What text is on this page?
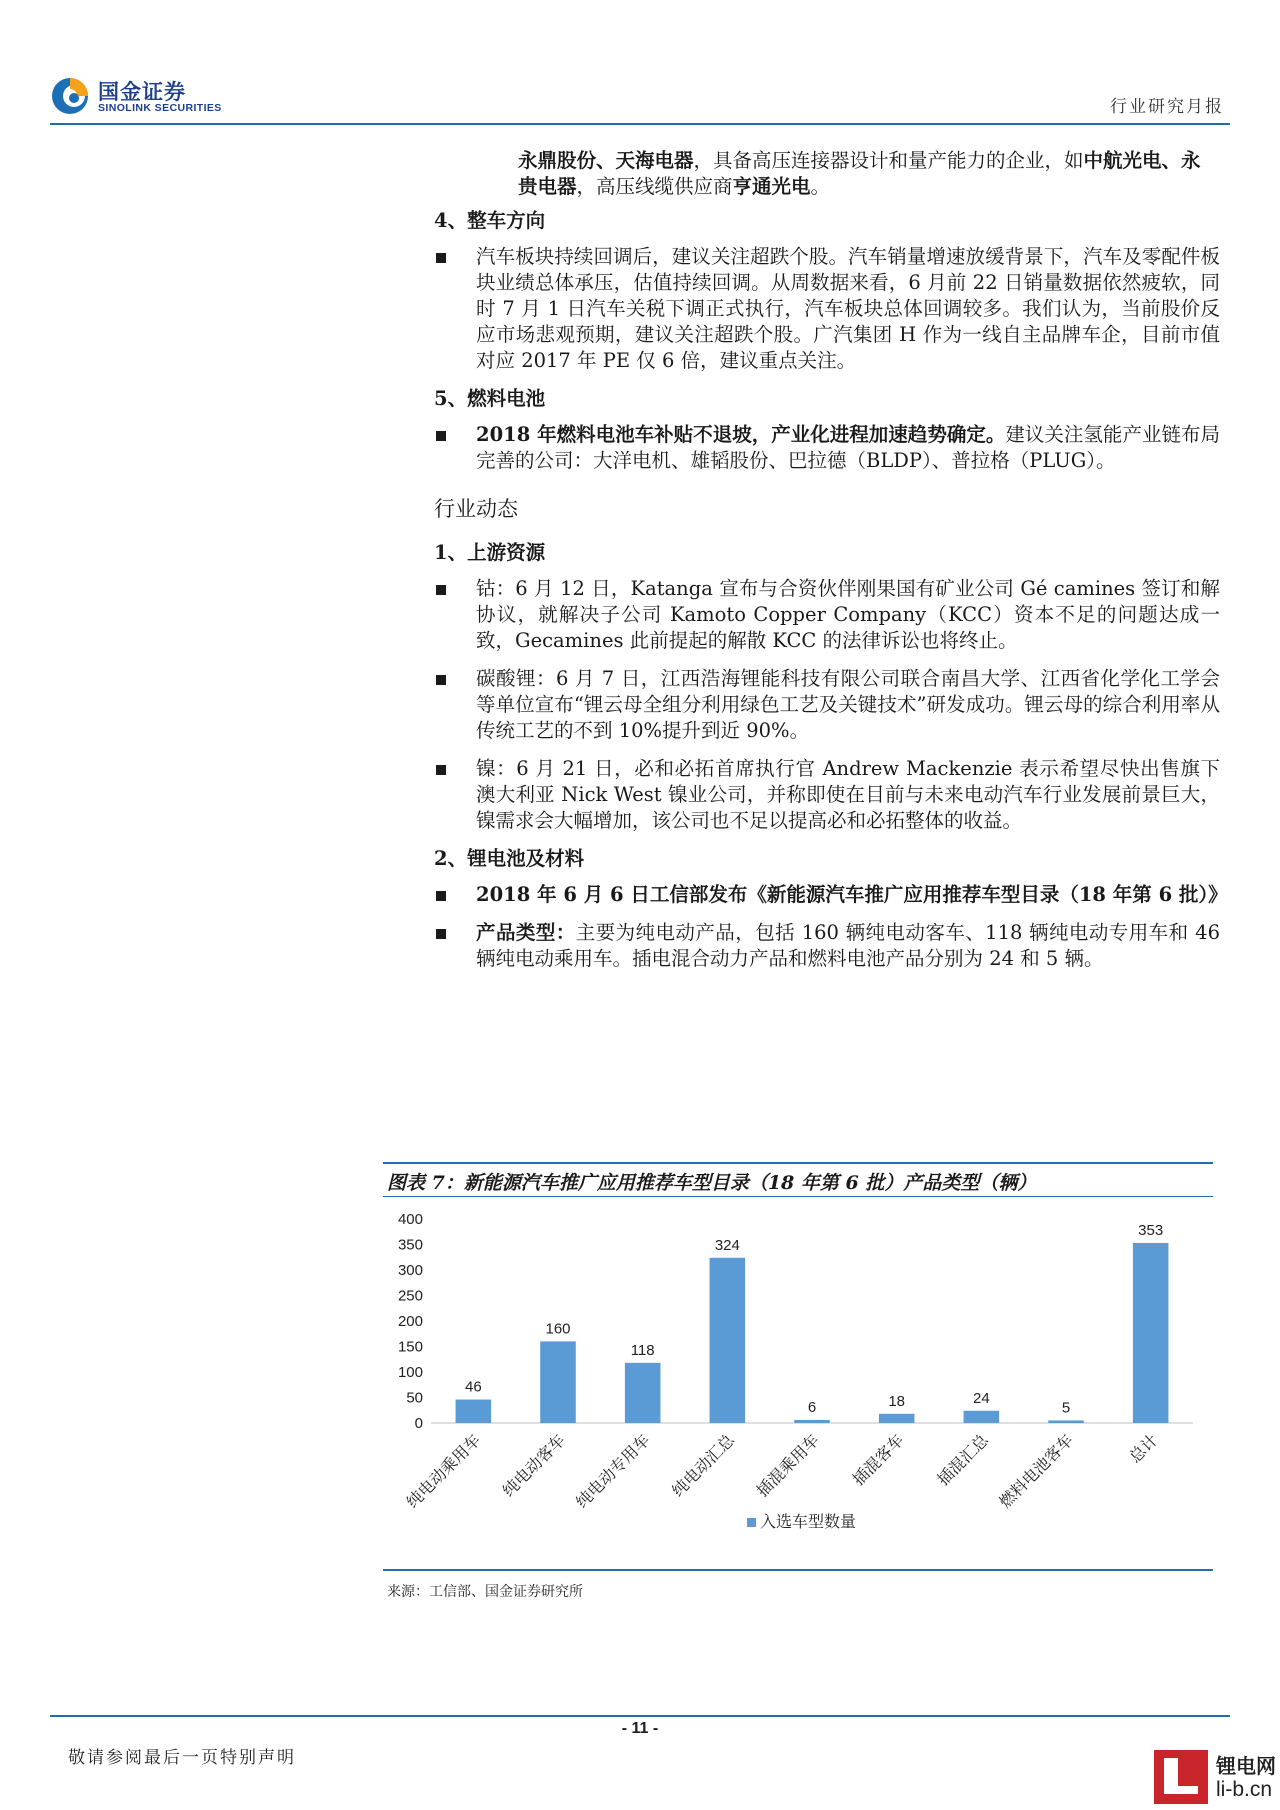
国金证券
SINOLINK SECURITIES	行业研究月报
永鼎股份、天海电器，具备高压连接器设计和量产能力的企业，如中航光电、永贵电器，高压线缆供应商亨通光电。
4、整车方向
汽车板块持续回调后，建议关注超跌个股。汽车销量增速放缓背景下，汽车及零配件板块业绩总体承压，估值持续回调。从周数据来看，6 月前 22 日销量数据依然疲软，同时 7 月 1 日汽车关税下调正式执行，汽车板块总体回调较多。我们认为，当前股价反应市场悲观预期，建议关注超跌个股。广汽集团 H 作为一线自主品牌车企，目前市值对应 2017 年 PE 仅 6 倍，建议重点关注。
5、燃料电池
2018 年燃料电池车补贴不退坡，产业化进程加速趋势确定。建议关注氢能产业链布局完善的公司：大洋电机、雄韬股份、巴拉德（BLDP）、普拉格（PLUG）。
行业动态
1、上游资源
钴：6 月 12 日，Katanga 宣布与合资伙伴刚果国有矿业公司 Gé camines 签订和解协议，就解决子公司 Kamoto Copper Company（KCC）资本不足的问题达成一致，Gecamines 此前提起的解散 KCC 的法律诉讼也将终止。
碳酸锂：6 月 7 日，江西浩海锂能科技有限公司联合南昌大学、江西省化学化工学会等单位宣布“锂云母全组分利用绿色工艺及关键技术”研发成功。锂云母的综合利用率从传统工艺的不到 10%提升到近 90%。
镍：6 月 21 日，必和必拓首席执行官 Andrew Mackenzie 表示希望尽快出售旗下澳大利亚 Nick West 镍业公司，并称即使在目前与未来电动汽车行业发展前景巨大，镍需求会大幅增加，该公司也不足以提高必和必拓整体的收益。
2、锂电池及材料
2018 年 6 月 6 日工信部发布《新能源汽车推广应用推荐车型目录（18 年第 6 批）》
产品类型：主要为纯电动产品，包括 160 辆纯电动客车、118 辆纯电动专用车和 46 辆纯电动乘用车。插电混合动力产品和燃料电池产品分别为 24 和 5 辆。
图表 7：新能源汽车推广应用推荐车型目录（18 年第 6 批）产品类型（辆）
0
50
100
150
200
250
300
350
400
46
纯电动乘用车
160
纯电动客车
118
纯电动专用车
324
纯电动汇总
6
插混乘用车
18
插混客车
24
插混汇总
5
燃料电池客车
353
总计
入选车型数量
来源：工信部、国金证券研究所
- 11 -
敬请参阅最后一页特别声明	锂电网
li-b.cn
